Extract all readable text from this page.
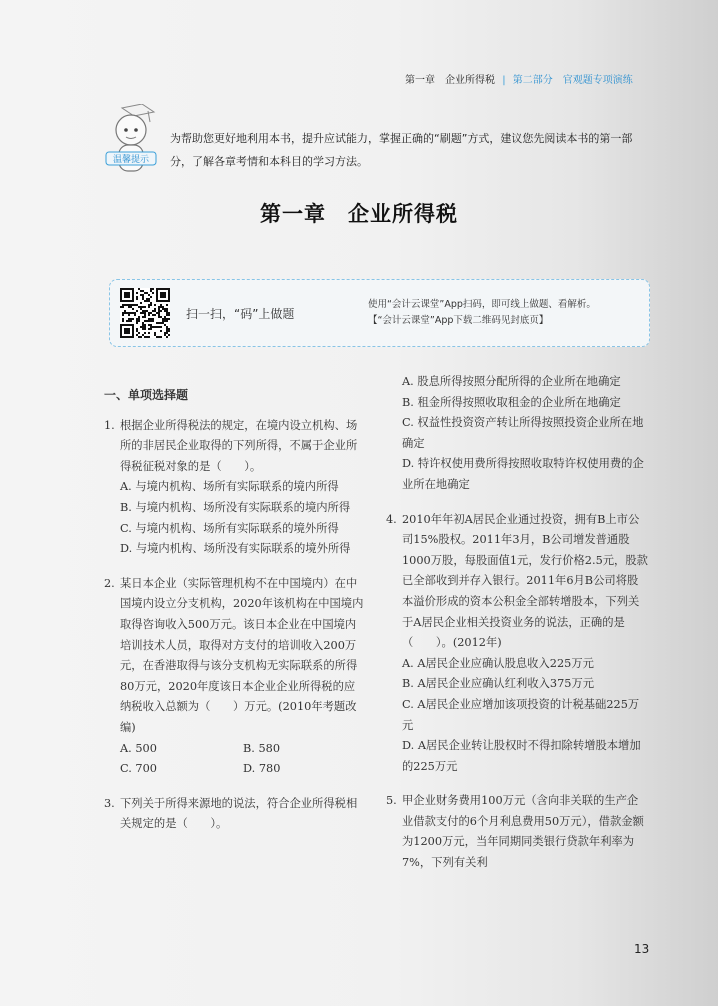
第一章　企业所得税 | 第二部分　官观题专项演练
温馨提示
为帮助您更好地利用本书，提升应试能力，掌握正确的“刷题”方式，建议您先阅读本书的第一部分，了解各章考情和本科目的学习方法。
第一章 企业所得税
扫一扫，“码”上做题
使用“会计云课堂”App扫码，即可线上做题、看解析。
【“会计云课堂”App下载二维码见封底页】
一、单项选择题
1. 根据企业所得税法的规定，在境内设立机构、场所的非居民企业取得的下列所得，不属于企业所得税征税对象的是（　　）。
A. 与境内机构、场所有实际联系的境内所得
B. 与境内机构、场所没有实际联系的境内所得
C. 与境内机构、场所有实际联系的境外所得
D. 与境内机构、场所没有实际联系的境外所得
2. 某日本企业（实际管理机构不在中国境内）在中国境内设立分支机构，2020年该机构在中国境内取得咨询收入500万元。该日本企业在中国境内培训技术人员，取得对方支付的培训收入200万元，在香港取得与该分支机构无实际联系的所得80万元，2020年度该日本企业企业所得税的应纳税收入总额为（　　）万元。(2010年考题改编)
A. 500	B. 580
C. 700	D. 780
3. 下列关于所得来源地的说法，符合企业所得税相关规定的是（　　）。
A. 股息所得按照分配所得的企业所在地确定
B. 租金所得按照收取租金的企业所在地确定
C. 权益性投资资产转让所得按照投资企业所在地确定
D. 特许权使用费所得按照收取特许权使用费的企业所在地确定
4. 2010年年初A居民企业通过投资，拥有B上市公司15%股权。2011年3月，B公司增发普通股1000万股，每股面值1元，发行价格2.5元，股款已全部收到并存入银行。2011年6月B公司将股本溢价形成的资本公积金全部转增股本，下列关于A居民企业相关投资业务的说法，正确的是（　　）。(2012年)
A. A居民企业应确认股息收入225万元
B. A居民企业应确认红利收入375万元
C. A居民企业应增加该项投资的计税基础225万元
D. A居民企业转让股权时不得扣除转增股本增加的225万元
5. 甲企业财务费用100万元（含向非关联的生产企业借款支付的6个月利息费用50万元），借款金额为1200万元，当年同期同类银行贷款年利率为7%，下列有关利
13
